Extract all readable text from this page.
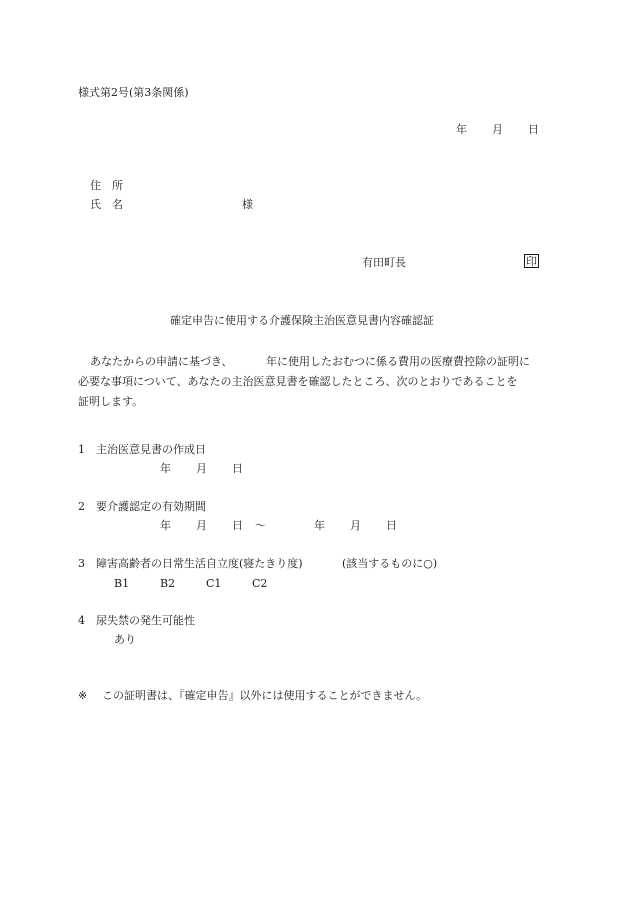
様式第2号(第3条関係)
年 月 日
住　所
氏　名	様
有田町長	印
確定申告に使用する介護保険主治医意見書内容確認証
あなたからの申請に基づき、	年に使用したおむつに係る費用の医療費控除の証明に
必要な事項について、あなたの主治医意見書を確認したところ、次のとおりであることを
証明します。
1 主治医意見書の作成日
年 月 日
2 要介護認定の有効期間
年 月 日 ～	年 月 日
3 障害高齢者の日常生活自立度(寝たきり度)	(該当するものに○)
B1	B2	C1	C2
4 尿失禁の発生可能性
あり
※ この証明書は、『確定申告』以外には使用することができません。
